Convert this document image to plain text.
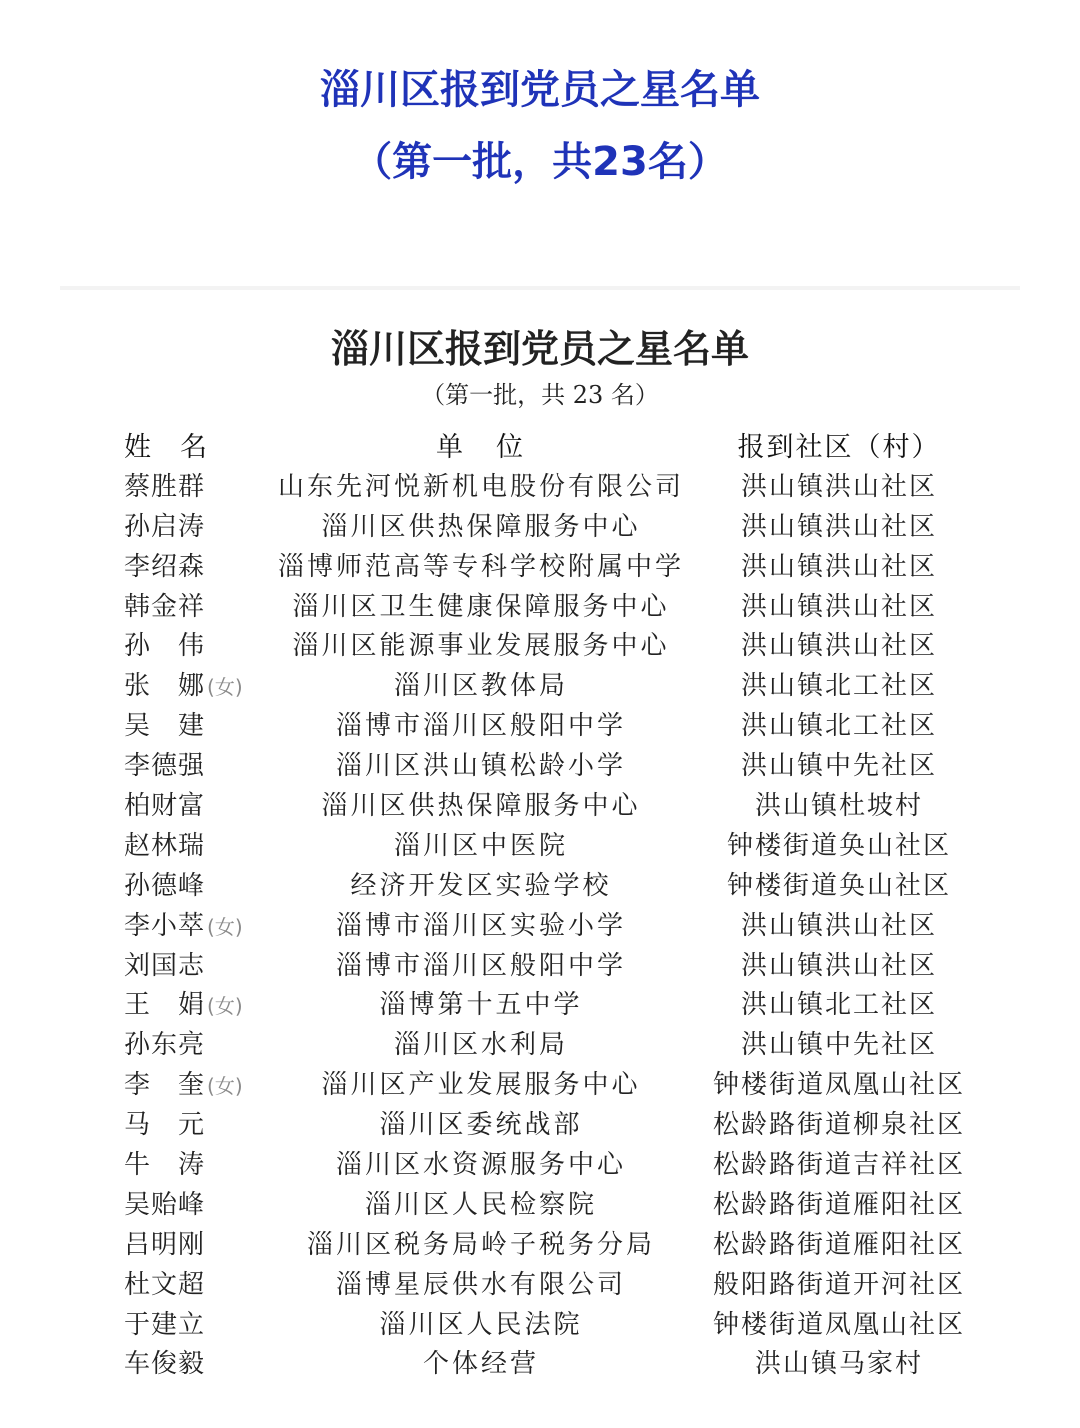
淄川区报到党员之星名单
（第一批，共23名）
淄川区报到党员之星名单
（第一批，共 23 名）
姓　名	单　位	报到社区（村）
蔡胜群	山东先河悦新机电股份有限公司	洪山镇洪山社区
孙启涛	淄川区供热保障服务中心	洪山镇洪山社区
李绍森	淄博师范高等专科学校附属中学	洪山镇洪山社区
韩金祥	淄川区卫生健康保障服务中心	洪山镇洪山社区
孙　伟	淄川区能源事业发展服务中心	洪山镇洪山社区
张　娜 (女)	淄川区教体局	洪山镇北工社区
吴　建	淄博市淄川区般阳中学	洪山镇北工社区
李德强	淄川区洪山镇松龄小学	洪山镇中先社区
柏财富	淄川区供热保障服务中心	洪山镇杜坡村
赵林瑞	淄川区中医院	钟楼街道奂山社区
孙德峰	经济开发区实验学校	钟楼街道奂山社区
李小萃 (女)	淄博市淄川区实验小学	洪山镇洪山社区
刘国志	淄博市淄川区般阳中学	洪山镇洪山社区
王　娟 (女)	淄博第十五中学	洪山镇北工社区
孙东亮	淄川区水利局	洪山镇中先社区
李　奎 (女)	淄川区产业发展服务中心	钟楼街道凤凰山社区
马　元	淄川区委统战部	松龄路街道柳泉社区
牛　涛	淄川区水资源服务中心	松龄路街道吉祥社区
吴贻峰	淄川区人民检察院	松龄路街道雁阳社区
吕明刚	淄川区税务局岭子税务分局	松龄路街道雁阳社区
杜文超	淄博星辰供水有限公司	般阳路街道开河社区
于建立	淄川区人民法院	钟楼街道凤凰山社区
车俊毅	个体经营	洪山镇马家村
